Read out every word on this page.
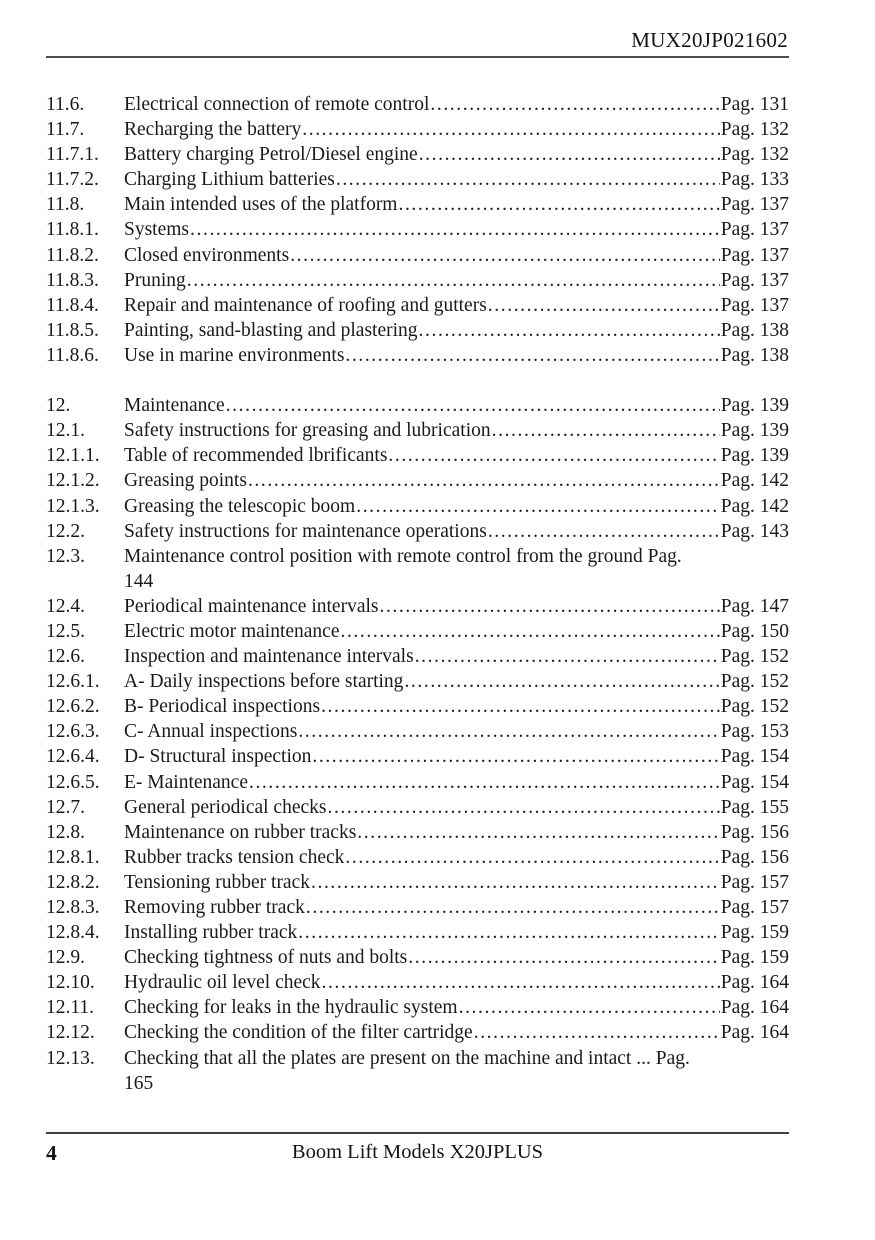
MUX20JP021602
11.6.	Electrical connection of remote control .....	Pag. 131
11.7.	Recharging the battery .....	Pag. 132
11.7.1.	Battery charging Petrol/Diesel engine .....	Pag. 132
11.7.2.	Charging Lithium batteries .....	Pag. 133
11.8.	Main intended uses of the platform .....	Pag. 137
11.8.1.	Systems .....	Pag. 137
11.8.2.	Closed environments .....	Pag. 137
11.8.3.	Pruning .....	Pag. 137
11.8.4.	Repair and maintenance of roofing and gutters .....	Pag. 137
11.8.5.	Painting, sand-blasting and plastering .....	Pag. 138
11.8.6.	Use in marine environments .....	Pag. 138
12.	Maintenance .....	Pag. 139
12.1.	Safety instructions for greasing and lubrication .....	Pag. 139
12.1.1.	Table of recommended lbrificants .....	Pag. 139
12.1.2.	Greasing points .....	Pag. 142
12.1.3.	Greasing the telescopic boom .....	Pag. 142
12.2.	Safety instructions for maintenance operations .....	Pag. 143
12.3.	Maintenance control position with remote control from the ground Pag.
144
12.4.	Periodical maintenance intervals .....	Pag. 147
12.5.	Electric motor maintenance .....	Pag. 150
12.6.	Inspection and maintenance intervals .....	Pag. 152
12.6.1.	A- Daily inspections before starting .....	Pag. 152
12.6.2.	B- Periodical inspections .....	Pag. 152
12.6.3.	C- Annual inspections .....	Pag. 153
12.6.4.	D- Structural inspection .....	Pag. 154
12.6.5.	E- Maintenance .....	Pag. 154
12.7.	General periodical checks .....	Pag. 155
12.8.	Maintenance on rubber tracks .....	Pag. 156
12.8.1.	Rubber tracks tension check .....	Pag. 156
12.8.2.	Tensioning rubber track .....	Pag. 157
12.8.3.	Removing rubber track .....	Pag. 157
12.8.4.	Installing rubber track .....	Pag. 159
12.9.	Checking tightness of nuts and bolts .....	Pag. 159
12.10.	Hydraulic oil level check .....	Pag. 164
12.11.	Checking for leaks in the hydraulic system .....	Pag. 164
12.12.	Checking the condition of the filter cartridge .....	Pag. 164
12.13.	Checking that all the plates are present on the machine and intact ... Pag.
165
4	Boom Lift Models X20JPLUS
